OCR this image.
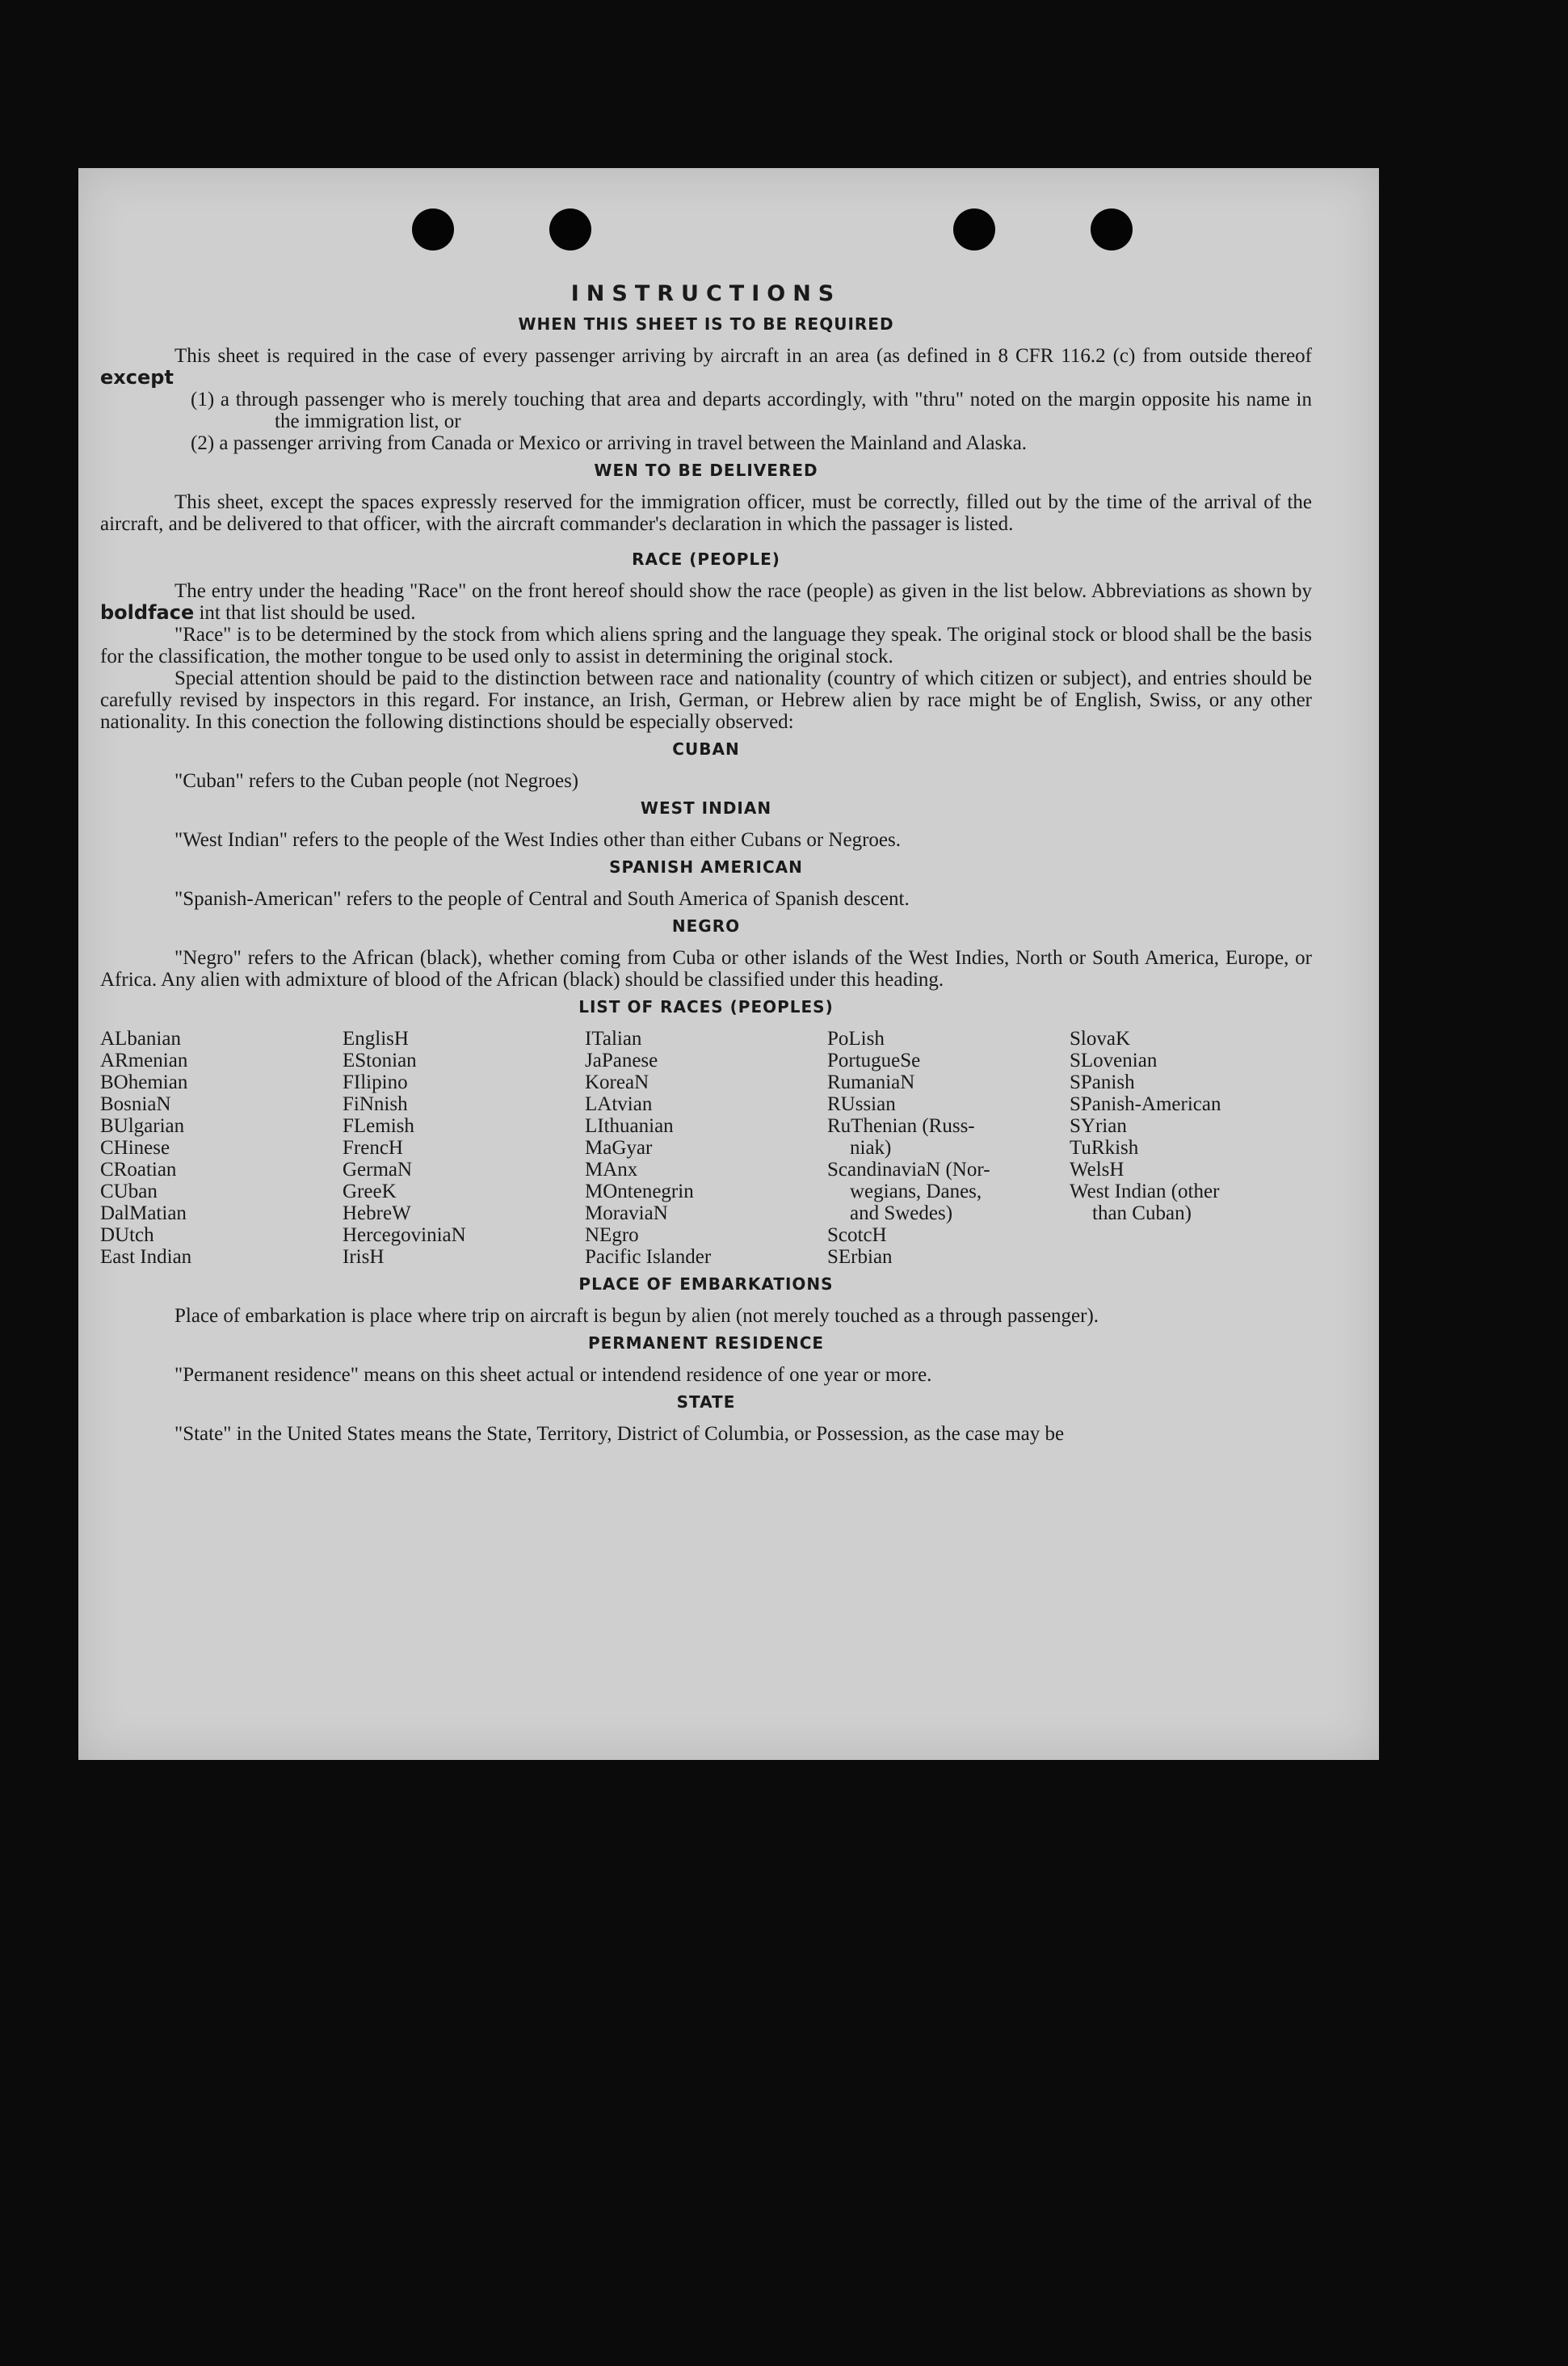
INSTRUCTIONS
WHEN THIS SHEET IS TO BE REQUIRED

This sheet is required in the case of every passenger arriving by aircraft in an area (as defined in 8 CFR 116.2 (c) from outside thereof except

(1) a through passenger who is merely touching that area and departs accordingly, with "thru" noted on the margin opposite his name in the immigration list, or
(2) a passenger arriving from Canada or Mexico or arriving in travel between the Mainland and Alaska.
WEN TO BE DELIVERED

This sheet, except the spaces expressly reserved for the immigration officer, must be correctly, filled out by the time of the arrival of the aircraft, and be delivered to that officer, with the aircraft commander's declaration in which the passager is listed.

RACE (PEOPLE)

The entry under the heading "Race" on the front hereof should show the race (people) as given in the list below. Abbreviations as shown by boldface int that list should be used.

"Race" is to be determined by the stock from which aliens spring and the language they speak. The original stock or blood shall be the basis for the classification, the mother tongue to be used only to assist in determining the original stock.

Special attention should be paid to the distinction between race and nationality (country of which citizen or subject), and entries should be carefully revised by inspectors in this regard. For instance, an Irish, German, or Hebrew alien by race might be of English, Swiss, or any other nationality. In this conection the following distinctions should be especially observed:

CUBAN

"Cuban" refers to the Cuban people (not Negroes)

WEST INDIAN

"West Indian" refers to the people of the West Indies other than either Cubans or Negroes.

SPANISH AMERICAN

"Spanish-American" refers to the people of Central and South America of Spanish descent.

NEGRO

"Negro" refers to the African (black), whether coming from Cuba or other islands of the West Indies, North or South America, Europe, or Africa. Any alien with admixture of blood of the African (black) should be classified under this heading.

LIST OF RACES (PEOPLES)
ALbanian
ARmenian
BOhemian
BosniaN
BUlgarian
CHinese
CRoatian
CUban
DalMatian
DUtch
East Indian
EnglisH
EStonian
FIlipino
FiNnish
FLemish
FrencH
GermaN
GreeK
HebreW
HercegoviniaN
IrisH
ITalian
JaPanese
KoreaN
LAtvian
LIthuanian
MaGyar
MAnx
MOntenegrin
MoraviaN
NEgro
Pacific Islander
PoLish
PortugueSe
RumaniaN
RUssian
RuThenian (Russ-
niak)
ScandinaviaN (Nor-
wegians, Danes,
and Swedes)
ScotcH
SErbian
SlovaK
SLovenian
SPanish
SPanish-American
SYrian
TuRkish
WelsH
West Indian (other
than Cuban)
PLACE OF EMBARKATIONS

Place of embarkation is place where trip on aircraft is begun by alien (not merely touched as a through passenger).

PERMANENT RESIDENCE

"Permanent residence" means on this sheet actual or intendend residence of one year or more.

STATE

"State" in the United States means the State, Territory, District of Columbia, or Possession, as the case may be
